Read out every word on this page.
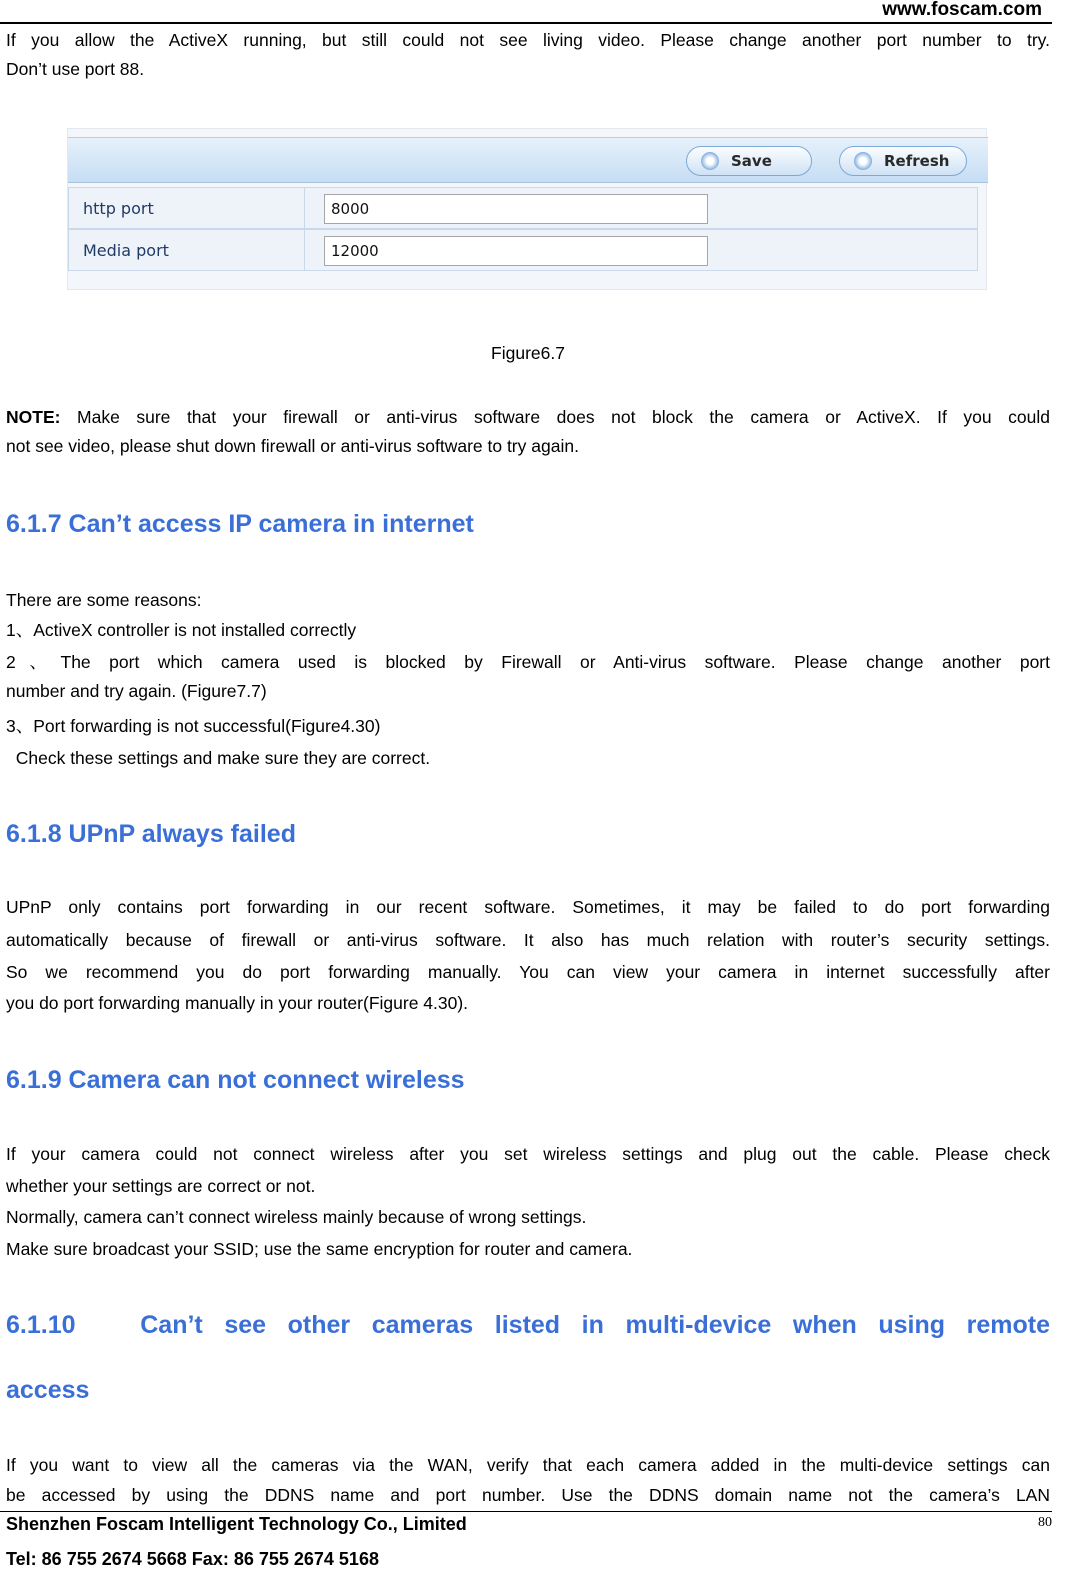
www.foscam.com
If you allow the ActiveX running, but still could not see living video. Please change another port number to try.
Don’t use port 88.
Save	Refresh
http port
8000
Media port
12000
Figure6.7
NOTE: Make sure that your firewall or anti-virus software does not block the camera or ActiveX. If you could
not see video, please shut down firewall or anti-virus software to try again.
6.1.7 Can’t access IP camera in internet
There are some reasons:
1、ActiveX controller is not installed correctly
2、The port which camera used is blocked by Firewall or Anti-virus software. Please change another port
number and try again. (Figure7.7)
3、Port forwarding is not successful(Figure4.30)
Check these settings and make sure they are correct.
6.1.8 UPnP always failed
UPnP only contains port forwarding in our recent software. Sometimes, it may be failed to do port forwarding
automatically because of firewall or anti-virus software. It also has much relation with router’s security settings.
So we recommend you do port forwarding manually. You can view your camera in internet successfully after
you do port forwarding manually in your router(Figure 4.30).
6.1.9 Camera can not connect wireless
If your camera could not connect wireless after you set wireless settings and plug out the cable. Please check
whether your settings are correct or not.
Normally, camera can’t connect wireless mainly because of wrong settings.
Make sure broadcast your SSID; use the same encryption for router and camera.
6.1.10   Can’t see other cameras listed in multi-device when using remote
access
If you want to view all the cameras via the WAN, verify that each camera added in the multi-device settings can
be accessed by using the DDNS name and port number. Use the DDNS domain name not the camera’s LAN
Shenzhen Foscam Intelligent Technology Co., Limited	80
Tel: 86 755 2674 5668 Fax: 86 755 2674 5168
